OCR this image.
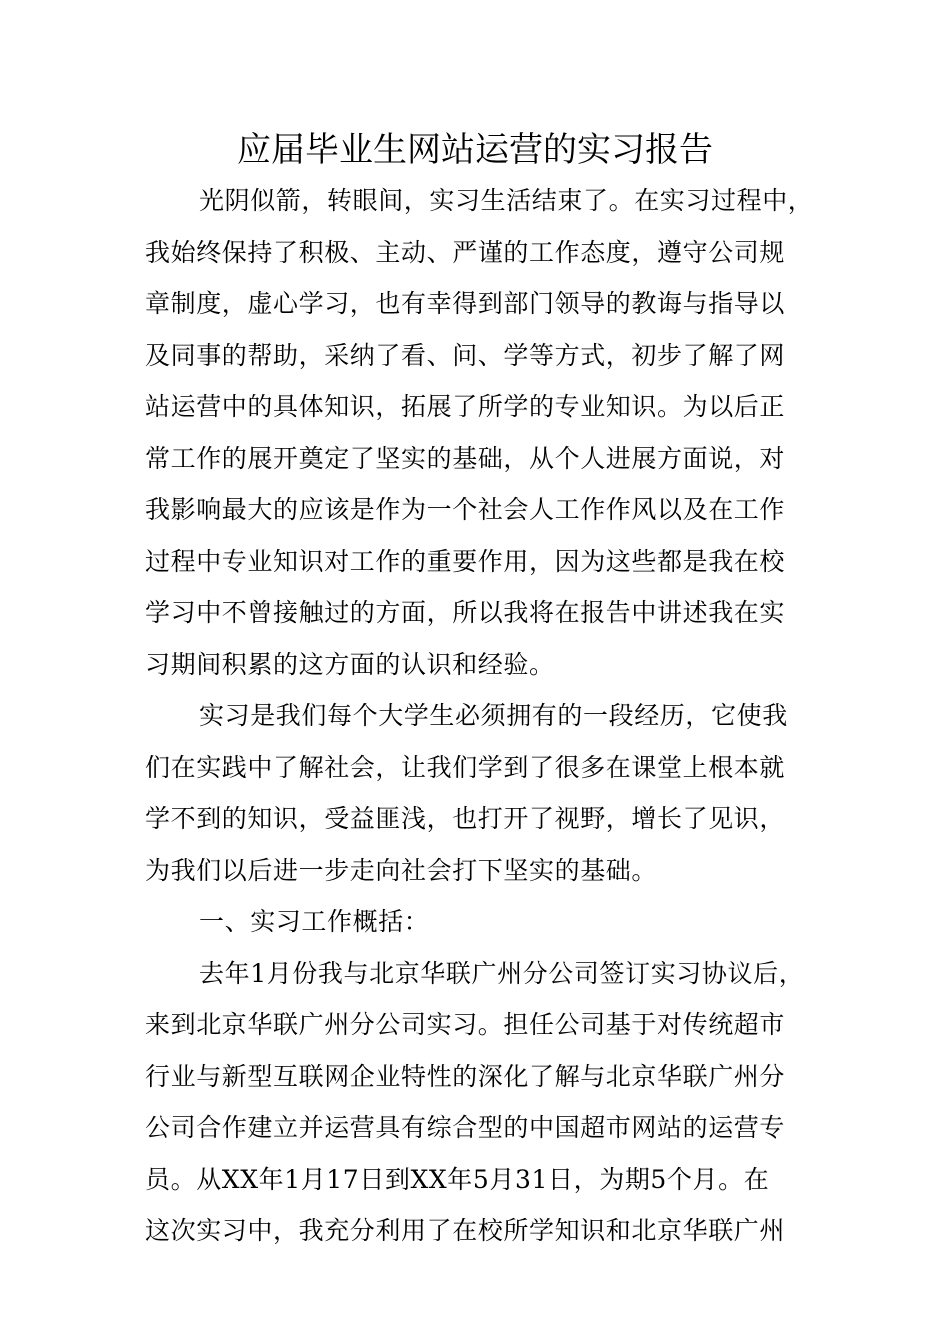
应届毕业生网站运营的实习报告
光阴似箭，转眼间，实习生活结束了。在实习过程中，
我始终保持了积极、主动、严谨的工作态度，遵守公司规
章制度，虚心学习，也有幸得到部门领导的教诲与指导以
及同事的帮助，采纳了看、问、学等方式，初步了解了网
站运营中的具体知识，拓展了所学的专业知识。为以后正
常工作的展开奠定了坚实的基础，从个人进展方面说，对
我影响最大的应该是作为一个社会人工作作风以及在工作
过程中专业知识对工作的重要作用，因为这些都是我在校
学习中不曾接触过的方面，所以我将在报告中讲述我在实
习期间积累的这方面的认识和经验。
实习是我们每个大学生必须拥有的一段经历，它使我
们在实践中了解社会，让我们学到了很多在课堂上根本就
学不到的知识，受益匪浅，也打开了视野，增长了见识，
为我们以后进一步走向社会打下坚实的基础。
一、实习工作概括：
去年1月份我与北京华联广州分公司签订实习协议后，
来到北京华联广州分公司实习。担任公司基于对传统超市
行业与新型互联网企业特性的深化了解与北京华联广州分
公司合作建立并运营具有综合型的中国超市网站的运营专
员。从XX年1月17日到XX年5月31日，为期5个月。在
这次实习中，我充分利用了在校所学知识和北京华联广州
